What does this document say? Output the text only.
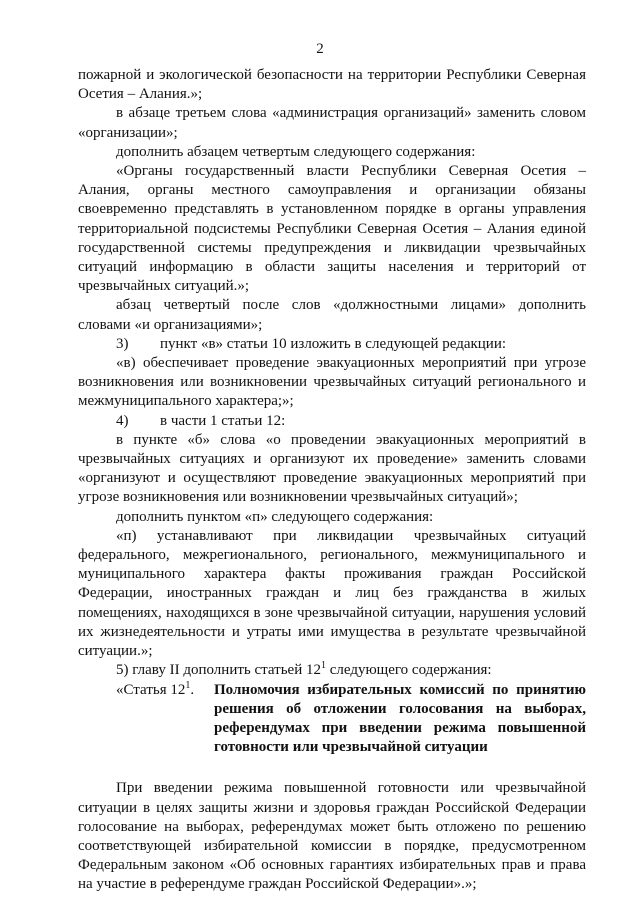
2

пожарной и экологической безопасности на территории Республики Северная Осетия – Алания.»;

в абзаце третьем слова «администрация организаций» заменить словом «организации»;

дополнить абзацем четвертым следующего содержания:

«Органы государственный власти Республики Северная Осетия – Алания, органы местного самоуправления и организации обязаны своевременно представлять в установленном порядке в органы управления территориальной подсистемы Республики Северная Осетия – Алания единой государственной системы предупреждения и ликвидации чрезвычайных ситуаций информацию в области защиты населения и территорий от чрезвычайных ситуаций.»;

абзац четвертый после слов «должностными лицами» дополнить словами «и организациями»;

3)	пункт «в» статьи 10 изложить в следующей редакции:

«в) обеспечивает проведение эвакуационных мероприятий при угрозе возникновения или возникновении чрезвычайных ситуаций регионального и межмуниципального характера;»;

4)	в части 1 статьи 12:

в пункте «б» слова «о проведении эвакуационных мероприятий в чрезвычайных ситуациях и организуют их проведение» заменить словами «организуют и осуществляют проведение эвакуационных мероприятий при угрозе возникновения или возникновении чрезвычайных ситуаций»;

дополнить пунктом «п» следующего содержания:

«п) устанавливают при ликвидации чрезвычайных ситуаций федерального, межрегионального, регионального, межмуниципального и муниципального характера факты проживания граждан Российской Федерации, иностранных граждан и лиц без гражданства в жилых помещениях, находящихся в зоне чрезвычайной ситуации, нарушения условий их жизнедеятельности и утраты ими имущества в результате чрезвычайной ситуации.»;

5) главу II дополнить статьей $12^1$ следующего содержания:

«Статья $12^1$.	Полномочия избирательных комиссий по принятию решения об отложении голосования на выборах, референдумах при введении режима повышенной готовности или чрезвычайной ситуации

При введении режима повышенной готовности или чрезвычайной ситуации в целях защиты жизни и здоровья граждан Российской Федерации голосование на выборах, референдумах может быть отложено по решению соответствующей избирательной комиссии в порядке, предусмотренном Федеральным законом «Об основных гарантиях избирательных прав и права на участие в референдуме граждан Российской Федерации».»;
